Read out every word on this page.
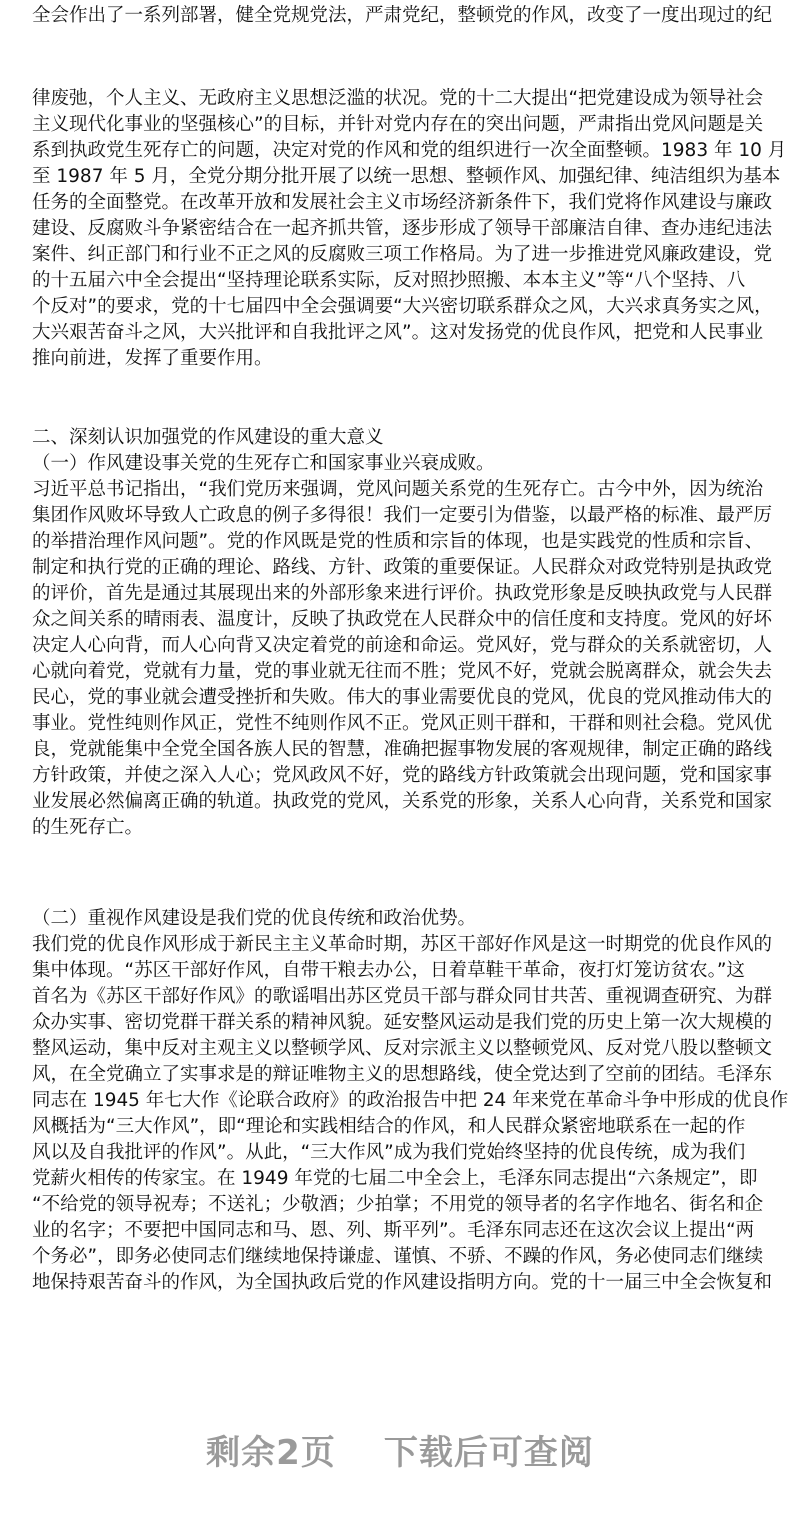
全会作出了一系列部署，健全党规党法，严肃党纪，整顿党的作风，改变了一度出现过的纪
律废弛，个人主义、无政府主义思想泛滥的状况。党的十二大提出“把党建设成为领导社会
主义现代化事业的坚强核心”的目标，并针对党内存在的突出问题，严肃指出党风问题是关
系到执政党生死存亡的问题，决定对党的作风和党的组织进行一次全面整顿。1983 年 10 月
至 1987 年 5 月，全党分期分批开展了以统一思想、整顿作风、加强纪律、纯洁组织为基本
任务的全面整党。在改革开放和发展社会主义市场经济新条件下，我们党将作风建设与廉政
建设、反腐败斗争紧密结合在一起齐抓共管，逐步形成了领导干部廉洁自律、查办违纪违法
案件、纠正部门和行业不正之风的反腐败三项工作格局。为了进一步推进党风廉政建设，党
的十五届六中全会提出“坚持理论联系实际，反对照抄照搬、本本主义”等“八个坚持、八
个反对”的要求，党的十七届四中全会强调要“大兴密切联系群众之风，大兴求真务实之风，
大兴艰苦奋斗之风，大兴批评和自我批评之风”。这对发扬党的优良作风，把党和人民事业
推向前进，发挥了重要作用。
二、深刻认识加强党的作风建设的重大意义
（一）作风建设事关党的生死存亡和国家事业兴衰成败。
习近平总书记指出，“我们党历来强调，党风问题关系党的生死存亡。古今中外，因为统治
集团作风败坏导致人亡政息的例子多得很！我们一定要引为借鉴，以最严格的标准、最严厉
的举措治理作风问题”。党的作风既是党的性质和宗旨的体现，也是实践党的性质和宗旨、
制定和执行党的正确的理论、路线、方针、政策的重要保证。人民群众对政党特别是执政党
的评价，首先是通过其展现出来的外部形象来进行评价。执政党形象是反映执政党与人民群
众之间关系的晴雨表、温度计，反映了执政党在人民群众中的信任度和支持度。党风的好坏
决定人心向背，而人心向背又决定着党的前途和命运。党风好，党与群众的关系就密切，人
心就向着党，党就有力量，党的事业就无往而不胜；党风不好，党就会脱离群众，就会失去
民心，党的事业就会遭受挫折和失败。伟大的事业需要优良的党风，优良的党风推动伟大的
事业。党性纯则作风正，党性不纯则作风不正。党风正则干群和，干群和则社会稳。党风优
良，党就能集中全党全国各族人民的智慧，准确把握事物发展的客观规律，制定正确的路线
方针政策，并使之深入人心；党风政风不好，党的路线方针政策就会出现问题，党和国家事
业发展必然偏离正确的轨道。执政党的党风，关系党的形象，关系人心向背，关系党和国家
的生死存亡。
（二）重视作风建设是我们党的优良传统和政治优势。
我们党的优良作风形成于新民主主义革命时期，苏区干部好作风是这一时期党的优良作风的
集中体现。“苏区干部好作风，自带干粮去办公，日着草鞋干革命，夜打灯笼访贫农。”这
首名为《苏区干部好作风》的歌谣唱出苏区党员干部与群众同甘共苦、重视调查研究、为群
众办实事、密切党群干群关系的精神风貌。延安整风运动是我们党的历史上第一次大规模的
整风运动，集中反对主观主义以整顿学风、反对宗派主义以整顿党风、反对党八股以整顿文
风，在全党确立了实事求是的辩证唯物主义的思想路线，使全党达到了空前的团结。毛泽东
同志在 1945 年七大作《论联合政府》的政治报告中把 24 年来党在革命斗争中形成的优良作
风概括为“三大作风”，即“理论和实践相结合的作风，和人民群众紧密地联系在一起的作
风以及自我批评的作风”。从此，“三大作风”成为我们党始终坚持的优良传统，成为我们
党薪火相传的传家宝。在 1949 年党的七届二中全会上，毛泽东同志提出“六条规定”，即
“不给党的领导祝寿；不送礼；少敬酒；少拍掌；不用党的领导者的名字作地名、街名和企
业的名字；不要把中国同志和马、恩、列、斯平列”。毛泽东同志还在这次会议上提出“两
个务必”，即务必使同志们继续地保持谦虚、谨慎、不骄、不躁的作风，务必使同志们继续
地保持艰苦奋斗的作风，为全国执政后党的作风建设指明方向。党的十一届三中全会恢复和
剩余2页 下载后可查阅
